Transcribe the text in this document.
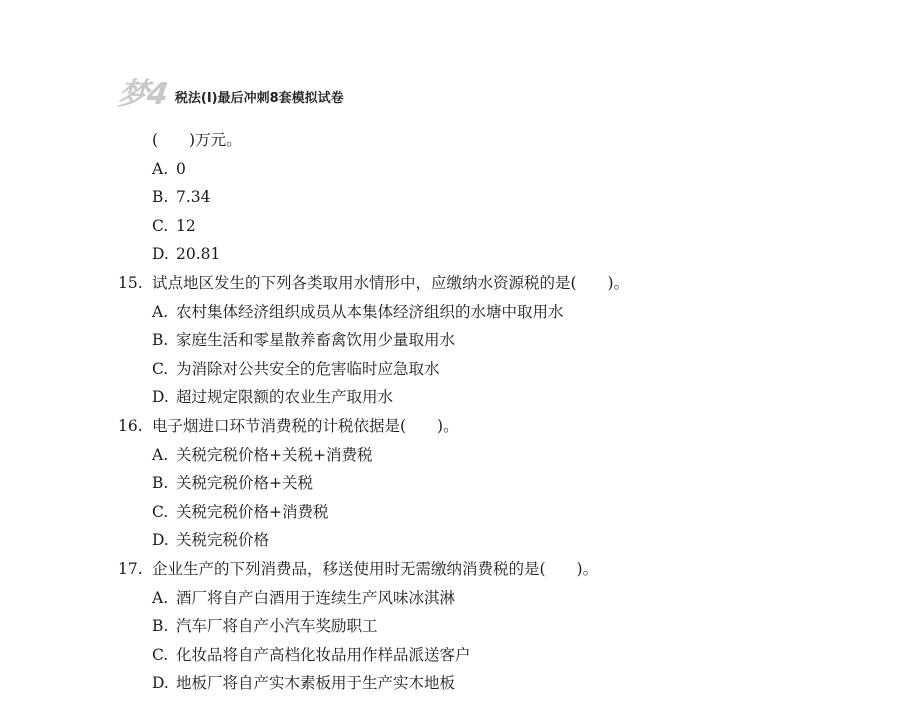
梦4 税法(Ⅰ)最后冲刺8套模拟试卷
(　　)万元。
A. 0
B. 7.34
C. 12
D. 20.81
15. 试点地区发生的下列各类取用水情形中，应缴纳水资源税的是(　　)。
A. 农村集体经济组织成员从本集体经济组织的水塘中取用水
B. 家庭生活和零星散养畜禽饮用少量取用水
C. 为消除对公共安全的危害临时应急取水
D. 超过规定限额的农业生产取用水
16. 电子烟进口环节消费税的计税依据是(　　)。
A. 关税完税价格+关税+消费税
B. 关税完税价格+关税
C. 关税完税价格+消费税
D. 关税完税价格
17. 企业生产的下列消费品，移送使用时无需缴纳消费税的是(　　)。
A. 酒厂将自产白酒用于连续生产风味冰淇淋
B. 汽车厂将自产小汽车奖励职工
C. 化妆品将自产高档化妆品用作样品派送客户
D. 地板厂将自产实木素板用于生产实木地板
